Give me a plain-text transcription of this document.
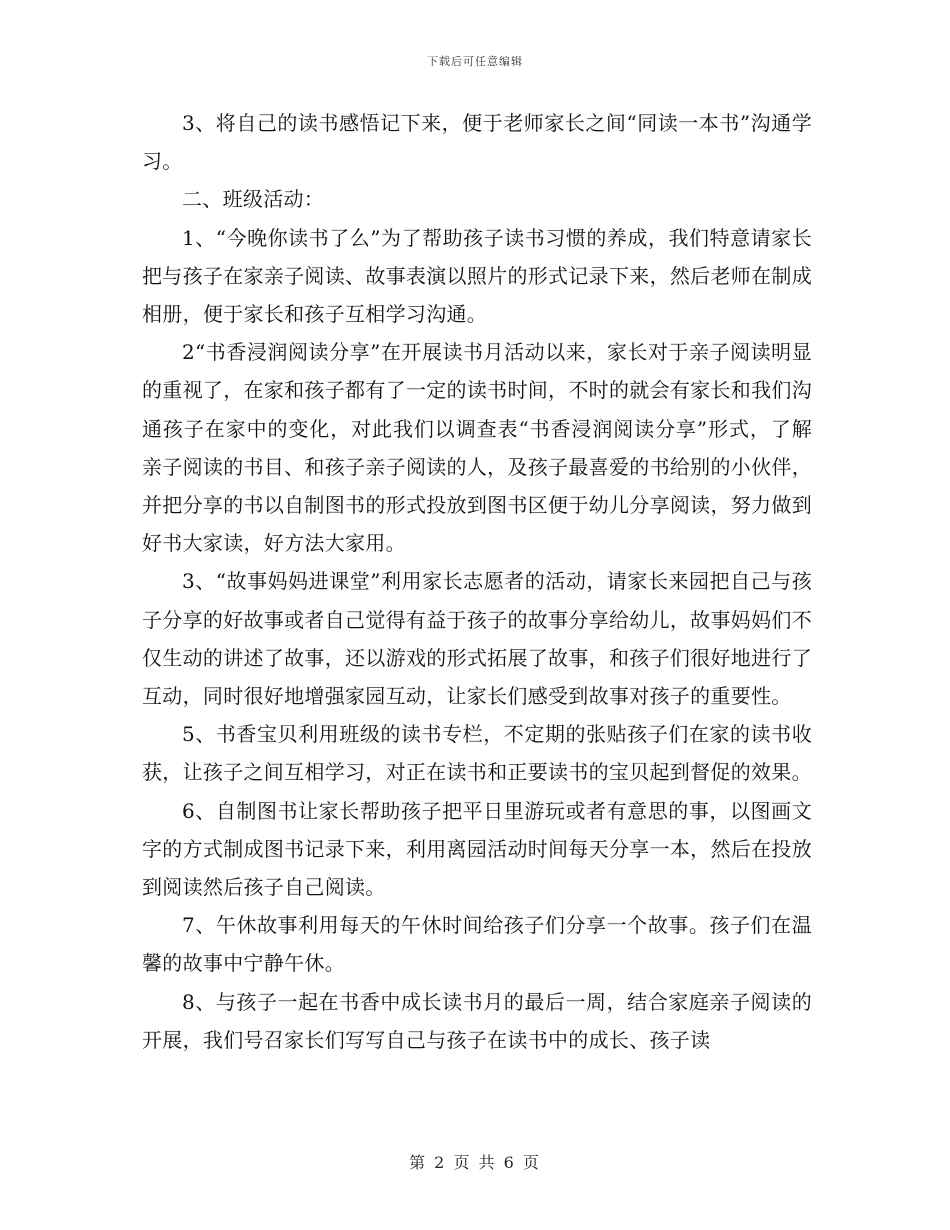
下载后可任意编辑

3、将自己的读书感悟记下来，便于老师家长之间“同读一本书”沟通学习。

二、班级活动：

1、“今晚你读书了么”为了帮助孩子读书习惯的养成，我们特意请家长把与孩子在家亲子阅读、故事表演以照片的形式记录下来，然后老师在制成相册，便于家长和孩子互相学习沟通。

2“书香浸润阅读分享”在开展读书月活动以来，家长对于亲子阅读明显的重视了，在家和孩子都有了一定的读书时间，不时的就会有家长和我们沟通孩子在家中的变化，对此我们以调查表“书香浸润阅读分享”形式，了解亲子阅读的书目、和孩子亲子阅读的人，及孩子最喜爱的书给别的小伙伴，并把分享的书以自制图书的形式投放到图书区便于幼儿分享阅读，努力做到好书大家读，好方法大家用。

3、“故事妈妈进课堂”利用家长志愿者的活动，请家长来园把自己与孩子分享的好故事或者自己觉得有益于孩子的故事分享给幼儿，故事妈妈们不仅生动的讲述了故事，还以游戏的形式拓展了故事，和孩子们很好地进行了互动，同时很好地增强家园互动，让家长们感受到故事对孩子的重要性。

5、书香宝贝利用班级的读书专栏，不定期的张贴孩子们在家的读书收获，让孩子之间互相学习，对正在读书和正要读书的宝贝起到督促的效果。

6、自制图书让家长帮助孩子把平日里游玩或者有意思的事，以图画文字的方式制成图书记录下来，利用离园活动时间每天分享一本，然后在投放到阅读然后孩子自己阅读。

7、午休故事利用每天的午休时间给孩子们分享一个故事。孩子们在温馨的故事中宁静午休。

8、与孩子一起在书香中成长读书月的最后一周，结合家庭亲子阅读的开展，我们号召家长们写写自己与孩子在读书中的成长、孩子读

第 2 页 共 6 页
